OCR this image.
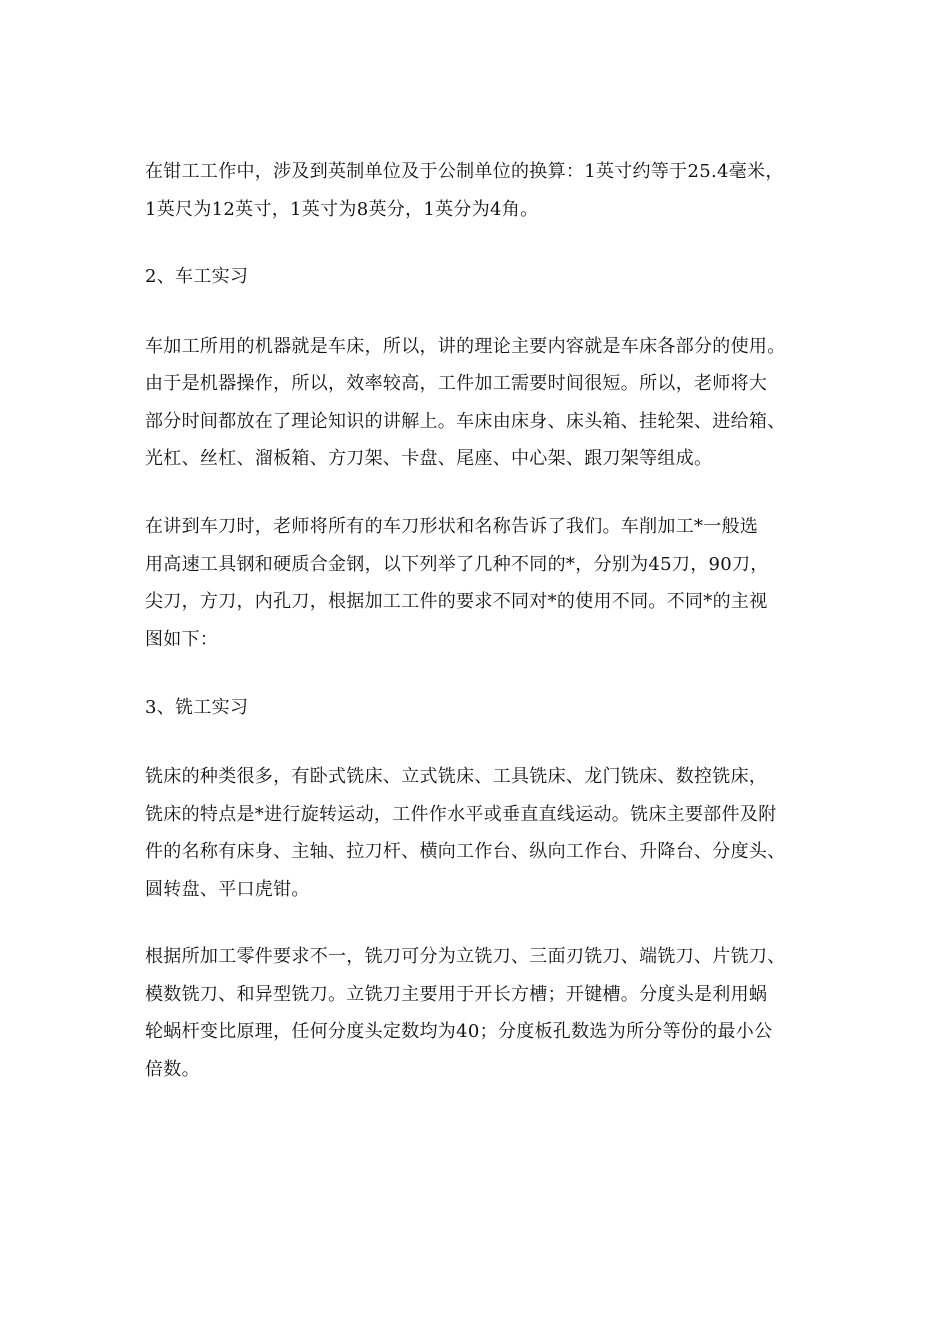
在钳工工作中，涉及到英制单位及于公制单位的换算：1英寸约等于25.4毫米，
1英尺为12英寸，1英寸为8英分，1英分为4角。
2、车工实习
车加工所用的机器就是车床，所以，讲的理论主要内容就是车床各部分的使用。
由于是机器操作，所以，效率较高，工件加工需要时间很短。所以，老师将大
部分时间都放在了理论知识的讲解上。车床由床身、床头箱、挂轮架、进给箱、
光杠、丝杠、溜板箱、方刀架、卡盘、尾座、中心架、跟刀架等组成。
在讲到车刀时，老师将所有的车刀形状和名称告诉了我们。车削加工*一般选
用高速工具钢和硬质合金钢，以下列举了几种不同的*，分别为45刀，90刀，
尖刀，方刀，内孔刀，根据加工工件的要求不同对*的使用不同。不同*的主视
图如下：
3、铣工实习
铣床的种类很多，有卧式铣床、立式铣床、工具铣床、龙门铣床、数控铣床，
铣床的特点是*进行旋转运动，工件作水平或垂直直线运动。铣床主要部件及附
件的名称有床身、主轴、拉刀杆、横向工作台、纵向工作台、升降台、分度头、
圆转盘、平口虎钳。
根据所加工零件要求不一，铣刀可分为立铣刀、三面刃铣刀、端铣刀、片铣刀、
模数铣刀、和异型铣刀。立铣刀主要用于开长方槽；开键槽。分度头是利用蜗
轮蜗杆变比原理，任何分度头定数均为40；分度板孔数选为所分等份的最小公
倍数。
